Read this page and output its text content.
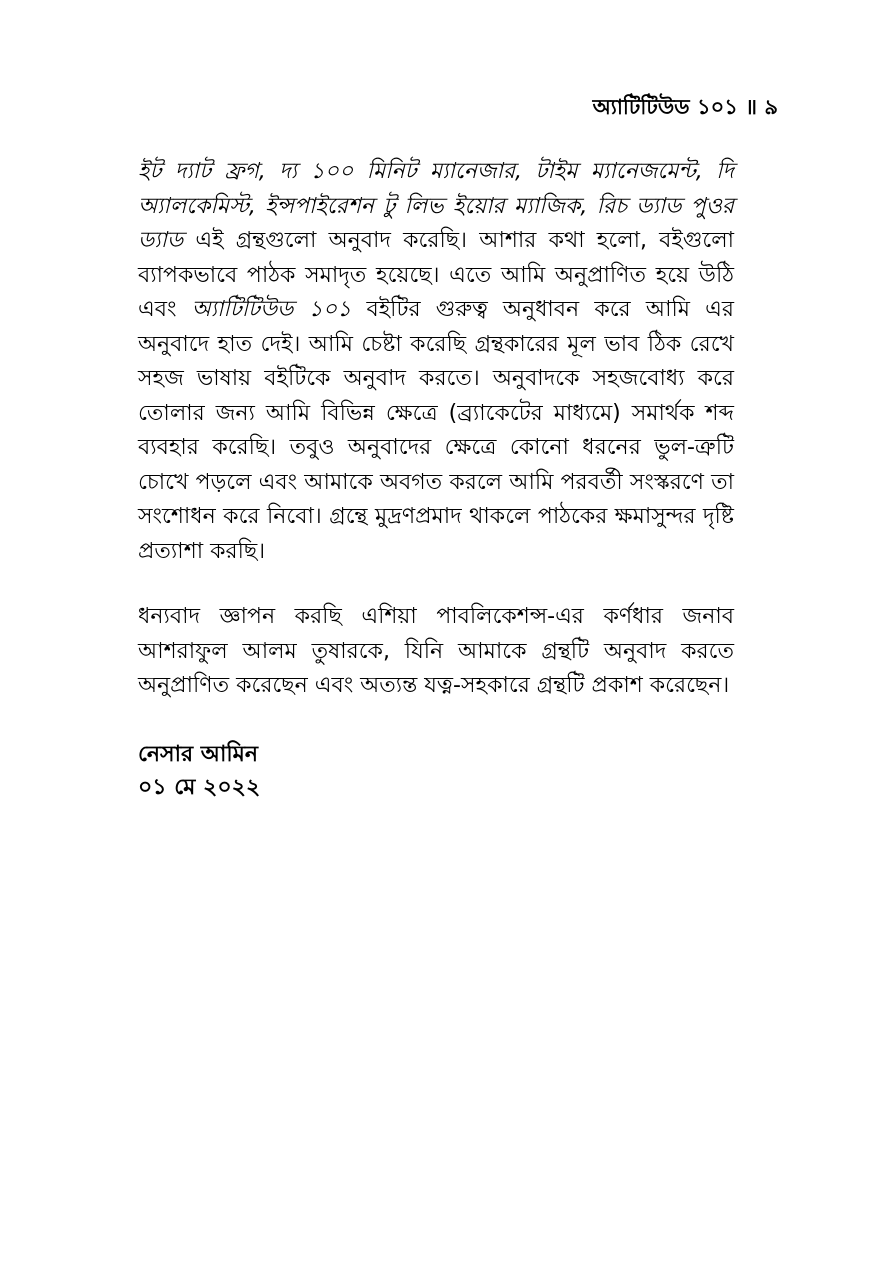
অ্যাটিটিউড ১০১ ॥ ৯

ইট দ্যাট ফ্রগ, দ্য ১০০ মিনিট ম্যানেজার, টাইম ম্যানেজমেন্ট, দি অ্যালকেমিস্ট, ইন্সপাইরেশন টু লিভ ইয়োর ম্যাজিক, রিচ ড্যাড পুওর ড্যাড এই গ্রন্থগুলো অনুবাদ করেছি। আশার কথা হলো, বইগুলো ব্যাপকভাবে পাঠক সমাদৃত হয়েছে। এতে আমি অনুপ্রাণিত হয়ে উঠি এবং অ্যাটিটিউড ১০১ বইটির গুরুত্ব অনুধাবন করে আমি এর অনুবাদে হাত দেই। আমি চেষ্টা করেছি গ্রন্থকারের মূল ভাব ঠিক রেখে সহজ ভাষায় বইটিকে অনুবাদ করতে। অনুবাদকে সহজবোধ্য করে তোলার জন্য আমি বিভিন্ন ক্ষেত্রে (ব্র্যাকেটের মাধ্যমে) সমার্থক শব্দ ব্যবহার করেছি। তবুও অনুবাদের ক্ষেত্রে কোনো ধরনের ভুল-ত্রুটি চোখে পড়লে এবং আমাকে অবগত করলে আমি পরবর্তী সংস্করণে তা সংশোধন করে নিবো। গ্রন্থে মুদ্রণপ্রমাদ থাকলে পাঠকের ক্ষমাসুন্দর দৃষ্টি প্রত্যাশা করছি।

ধন্যবাদ জ্ঞাপন করছি এশিয়া পাবলিকেশন্স-এর কর্ণধার জনাব আশরাফুল আলম তুষারকে, যিনি আমাকে গ্রন্থটি অনুবাদ করতে অনুপ্রাণিত করেছেন এবং অত্যন্ত যত্ন-সহকারে গ্রন্থটি প্রকাশ করেছেন।

নেসার আমিন
০১ মে ২০২২
